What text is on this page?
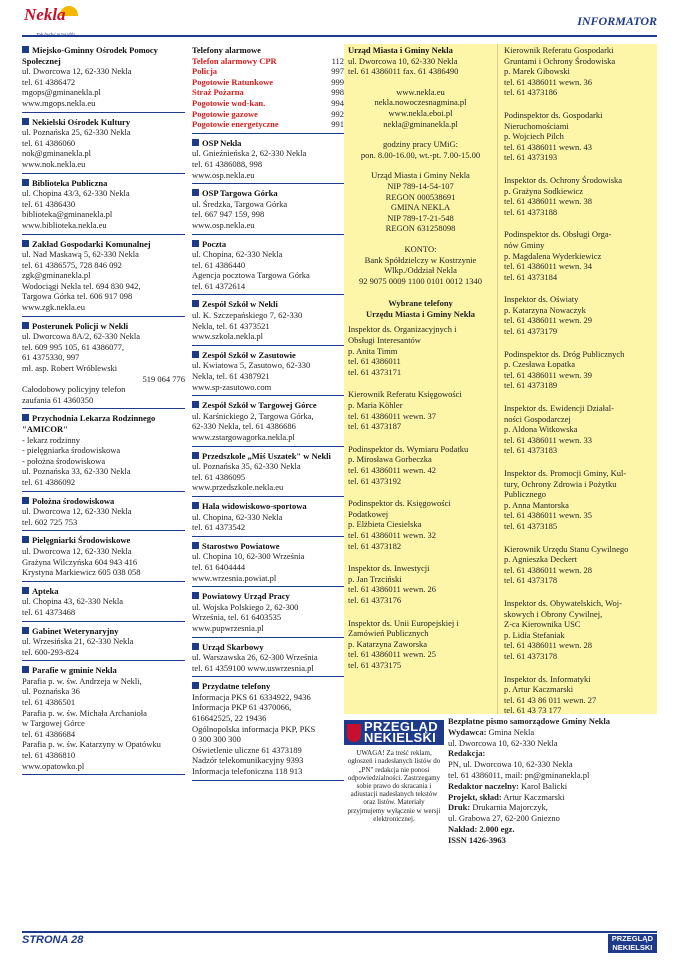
Nekla	INFORMATOR
Miejsko-Gminny Ośrodek Pomocy Społecznej
ul. Dworcowa 12, 62-330 Nekla
tel. 61 4386472
mgops@gminanekla.pl
www.mgops.nekla.eu
Nekielski Ośrodek Kultury
ul. Poznańska 25, 62-330 Nekla
tel. 61 4386060
nok@gminanekla.pl
www.nok.nekla.eu
Biblioteka Publiczna
ul. Chopina 43/3, 62-330 Nekla
tel. 61 4386430
biblioteka@gminanekla.pl
www.biblioteka.nekla.eu
Zakład Gospodarki Komunalnej
ul. Nad Maskawą 5, 62-330 Nekla
tel. 61 4386575, 728 846 092
zgk@gminanekla.pl
Wodociągi Nekla tel. 694 830 942,
Targowa Górka tel. 606 917 098
www.zgk.nekla.eu
Posterunek Policji w Nekli
ul. Dworcowa 8A/2, 62-330 Nekla
tel. 609 995 105, 61 4386077,
61 4375330, 997
mł. asp. Robert Wróblewski
519 064 776
Całodobowy policyjny telefon
zaufania 61 4360350
Przychodnia Lekarza Rodzinnego "AMICOR"
- lekarz rodzinny
- pielęgniarka środowiskowa
- położna środowiskowa
ul. Poznańska 33, 62-330 Nekla
tel. 61 4386092
Położna środowiskowa
ul. Dworcowa 12, 62-330 Nekla
tel. 602 725 753
Pielęgniarki Środowiskowe
ul. Dworcowa 12, 62-330 Nekla
Grażyna Wilczyńska 604 943 416
Krystyna Markiewicz 605 038 058
Apteka
ul. Chopina 43, 62-330 Nekla
tel. 61 4373468
Gabinet Weterynaryjny
ul. Wrzesińska 21, 62-330 Nekla
tel. 600-293-824
Parafie w gminie Nekla
Parafia p. w. św. Andrzeja w Nekli,
ul. Poznańska 36
tel. 61 4386501
Parafia p. w. św. Michała Archanioła
w Targowej Górce
tel. 61 4386684
Parafia p. w. św. Katarzyny w Opatówku
tel. 61 4386810
www.opatowko.pl
Telefony alarmowe
Telefon alarmowy CPR	112
Policja	997
Pogotowie Ratunkowe	999
Straż Pożarna	998
Pogotowie wod-kan.	994
Pogotowie gazowe	992
Pogotowie energetyczne	991
OSP Nekla
ul. Gnieźnieńska 2, 62-330 Nekla
tel. 61 4386088, 998
www.osp.nekla.eu
OSP Targowa Górka
ul. Średzka, Targowa Górka
tel. 667 947 159, 998
www.osp.nekla.eu
Poczta
ul. Chopina, 62-330 Nekla
tel. 61 4386440
Agencja pocztowa Targowa Górka
tel. 61 4372614
Zespół Szkół w Nekli
ul. K. Szczepańskiego 7, 62-330
Nekla, tel. 61 4373521
www.szkola.nekla.pl
Zespół Szkół w Zasutowie
ul. Kwiatowa 5, Zasutowo, 62-330
Nekla, tel. 61 4387921
www.sp-zasutowo.com
Zespół Szkół w Targowej Górce
ul. Karśnickiego 2, Targowa Górka,
62-330 Nekla, tel. 61 4386686
www.zstargowagorka.nekla.pl
Przedszkole „Miś Uszatek" w Nekli
ul. Poznańska 35, 62-330 Nekla
tel. 61 4386095
www.przedszkole.nekla.eu
Hala widowiskowo-sportowa
ul. Chopina, 62-330 Nekla
tel. 61 4373542
Starostwo Powiatowe
ul. Chopina 10, 62-300 Września
tel. 61 6404444
www.wrzesnia.powiat.pl
Powiatowy Urząd Pracy
ul. Wojska Polskiego 2, 62-300
Września, tel. 61 6403535
www.pupwrzesnia.pl
Urząd Skarbowy
ul. Warszawska 26, 62-300 Września
tel. 61 4359100 www.uswrzesnia.pl
Przydatne telefony
Informacja PKS 61 6334922, 9436
Informacja PKP 61 4370066,
616642525, 22 19436
Ogólnopolska informacja PKP, PKS
0 300 300 300
Oświetlenie uliczne 61 4373189
Nadzór telekomunikacyjny 9393
Informacja telefoniczna 118 913
Urząd Miasta i Gminy Nekla
ul. Dworcowa 10, 62-330 Nekla
tel. 61 4386011 fax. 61 4386490
www.nekla.eu
nekla.nowoczesnagmina.pl
www.nekla.eboi.pl
nekla@gminanekla.pl
godziny pracy UMiG:
pon. 8.00-16.00, wt.-pt. 7.00-15.00
Urząd Miasta i Gminy Nekla
NIP 789-14-54-107
REGON 000538691
GMINA NEKLA
NIP 789-17-21-548
REGON 631258098
KONTO:
Bank Spółdzielczy w Kostrzynie
Wlkp./Oddział Nekla
92 9075 0009 1100 0101 0012 1340
Wybrane telefony
Urzędu Miasta i Gminy Nekla
Inspektor ds. Organizacyjnych i
Obsługi Interesantów
p. Anita Timm
tel. 61 4386011
tel. 61 4373171
Kierownik Referatu Księgowości
p. Maria Köhler
tel. 61 4386011 wewn. 37
tel. 61 4373187
Podinspektor ds. Wymiaru Podatku
p. Mirosława Gorbeczka
tel. 61 4386011 wewn. 42
tel. 61 4373192
Podinspektor ds. Księgowości
Podatkowej
p. Elżbieta Ciesielska
tel. 61 4386011 wewn. 32
tel. 61 4373182
Inspektor ds. Inwestycji
p. Jan Trzciński
tel. 61 4386011 wewn. 26
tel. 61 4373176
Inspektor ds. Unii Europejskiej i
Zamówień Publicznych
p. Katarzyna Zaworska
tel. 61 4386011 wewn. 25
tel. 61 4373175
Kierownik Referatu Gospodarki
Gruntami i Ochrony Środowiska
p. Marek Gibowski
tel. 61 4386011 wewn. 36
tel. 61 4373186
Podinspektor ds. Gospodarki
Nieruchomościami
p. Wojciech Pilch
tel. 61 4386011 wewn. 43
tel. 61 4373193
Inspektor ds. Ochrony Środowiska
p. Grażyna Sodkiewicz
tel. 61 4386011 wewn. 38
tel. 61 4373188
Podinspektor ds. Obsługi Orga-
nów Gminy
p. Magdalena Wyderkiewicz
tel. 61 4386011 wewn. 34
tel. 61 4373184
Inspektor ds. Oświaty
p. Katarzyna Nowaczyk
tel. 61 4386011 wewn. 29
tel. 61 4373179
Podinspektor ds. Dróg Publicznych
p. Czesława Łopatka
tel. 61 4386011 wewn. 39
tel. 61 4373189
Inspektor ds. Ewidencji Działal-
ności Gospodarczej
p. Aldona Witkowska
tel. 61 4386011 wewn. 33
tel. 61 4373183
Inspektor ds. Promocji Gminy, Kul-
tury, Ochrony Zdrowia i Pożytku
Publicznego
p. Anna Mantorska
tel. 61 4386011 wewn. 35
tel. 61 4373185
Kierownik Urzędu Stanu Cywilnego
p. Agnieszka Deckert
tel. 61 4386011 wewn. 28
tel. 61 4373178
Inspektor ds. Obywatelskich, Woj-
skowych i Obrony Cywilnej,
Z-ca Kierownika USC
p. Lidia Stefaniak
tel. 61 4386011 wewn. 28
tel. 61 4373178
Inspektor ds. Informatyki
p. Artur Kaczmarski
tel. 61 43 86 011 wewn. 27
tel. 61 43 73 177
PRZEGLĄD
NEKIELSKI
UWAGA! Za treść reklam, ogłoszeń i nadesłanych listów do „PN" redakcja nie ponosi odpowiedzialności. Zastrzegamy sobie prawo do skracania i adiustacji nadesłanych tekstów oraz listów. Materiały przyjmujemy wyłącznie w wersji elektronicznej.
Bezpłatne pismo samorządowe Gminy Nekla
Wydawca: Gmina Nekla
ul. Dworcowa 10, 62-330 Nekla
Redakcja:
PN, ul. Dworcowa 10, 62-330 Nekla
tel. 61 4386011, mail: pn@gminanekla.pl
Redaktor naczelny: Karol Balicki
Projekt, skład: Artur Kaczmarski
Druk: Drukarnia Majorczyk,
ul. Grabowa 27, 62-200 Gniezno
Nakład: 2.000 egz.
ISSN 1426-3963
STRONA 28	PRZEGLĄD
NEKIELSKI
